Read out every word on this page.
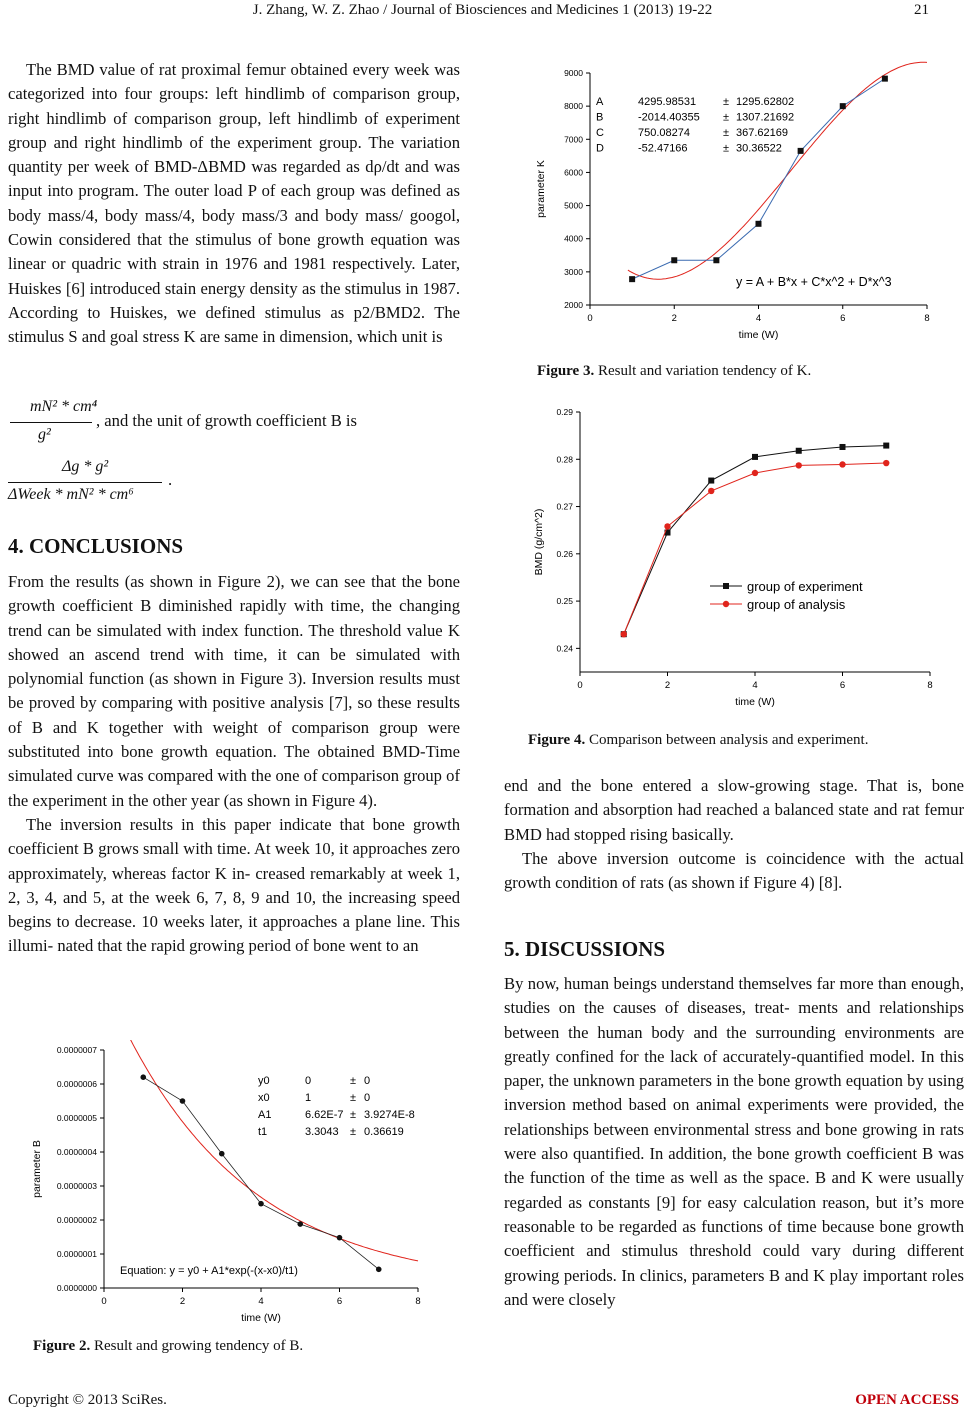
J. Zhang, W. Z. Zhao / Journal of Biosciences and Medicines 1 (2013) 19-22	21

The BMD value of rat proximal femur obtained every week was categorized into four groups: left hindlimb of comparison group, right hindlimb of comparison group, left hindlimb of experiment group and right hindlimb of the experiment group. The variation quantity per week of BMD-ΔBMD was regarded as dρ/dt and was input into program. The outer load P of each group was defined as body mass/4, body mass/4, body mass/3 and body mass/ googol, Cowin considered that the stimulus of bone growth equation was linear or quadric with strain in 1976 and 1981 respectively. Later, Huiskes [6] introduced stain energy density as the stimulus in 1987. According to Huiskes, we defined stimulus as p2/BMD2. The stimulus S and goal stress K are same in dimension, which unit is

mN² * cm⁴
g²
, and the unit of growth coefficient B is
Δg * g²
ΔWeek * mN² * cm⁶
.
4. CONCLUSIONS

From the results (as shown in Figure 2), we can see that the bone growth coefficient B diminished rapidly with time, the changing trend can be simulated with index function. The threshold value K showed an ascend trend with time, it can be simulated with polynomial function (as shown in Figure 3). Inversion results must be proved by comparing with positive analysis [7], so these results of B and K together with weight of comparison group were substituted into bone growth equation. The obtained BMD-Time simulated curve was compared with the one of comparison group of the experiment in the other year (as shown in Figure 4).

The inversion results in this paper indicate that bone growth coefficient B grows small with time. At week 10, it approaches zero approximately, whereas factor K in- creased remarkably at week 1, 2, 3, 4, and 5, at the week 6, 7, 8, 9 and 10, the increasing speed begins to decrease. 10 weeks later, it approaches a plane line. This illumi- nated that the rapid growing period of bone went to an

0	2	4	6	8
0.0000000
0.0000001
0.0000002
0.0000003
0.0000004
0.0000005
0.0000006
0.0000007
time (W)
parameter B
y0	0	± 0
x0	1	± 0
A1	6.62E-7 ± 3.9274E-8
t1	3.3043 ± 0.36619
Equation: y = y0 + A1*exp(-(x-x0)/t1)
Figure 2. Result and growing tendency of B.
0	2	4	6	8
2000
3000
4000
5000
6000
7000
8000
9000
time (W)
parameter K
A	4295.98531 ± 1295.62802
B	-2014.40355 ± 1307.21692
C	750.08274	± 367.62169
D	-52.47166	± 30.36522
y = A + B*x + C*x^2 + D*x^3
Figure 3. Result and variation tendency of K.
0	2	4	6	8
0.24
0.25
0.26
0.27
0.28
0.29
time (W)
BMD (g/cm^2)
group of experiment
group of analysis
Figure 4. Comparison between analysis and experiment.

end and the bone entered a slow-growing stage. That is, bone formation and absorption had reached a balanced state and rat femur BMD had stopped rising basically.

The above inversion outcome is coincidence with the actual growth condition of rats (as shown if Figure 4) [8].

5. DISCUSSIONS

By now, human beings understand themselves far more than enough, studies on the causes of diseases, treat- ments and relationships between the human body and the surrounding environments are greatly confined for the lack of accurately-quantified model. In this paper, the unknown parameters in the bone growth equation by using inversion method based on animal experiments were provided, the relationships between environmental stress and bone growing in rats were also quantified. In addition, the bone growth coefficient B was the function of the time as well as the space. B and K were usually regarded as constants [9] for easy calculation reason, but it’s more reasonable to be regarded as functions of time because bone growth coefficient and stimulus threshold could vary during different growing periods. In clinics, parameters B and K play important roles and were closely

Copyright © 2013 SciRes.	OPEN ACCESS
